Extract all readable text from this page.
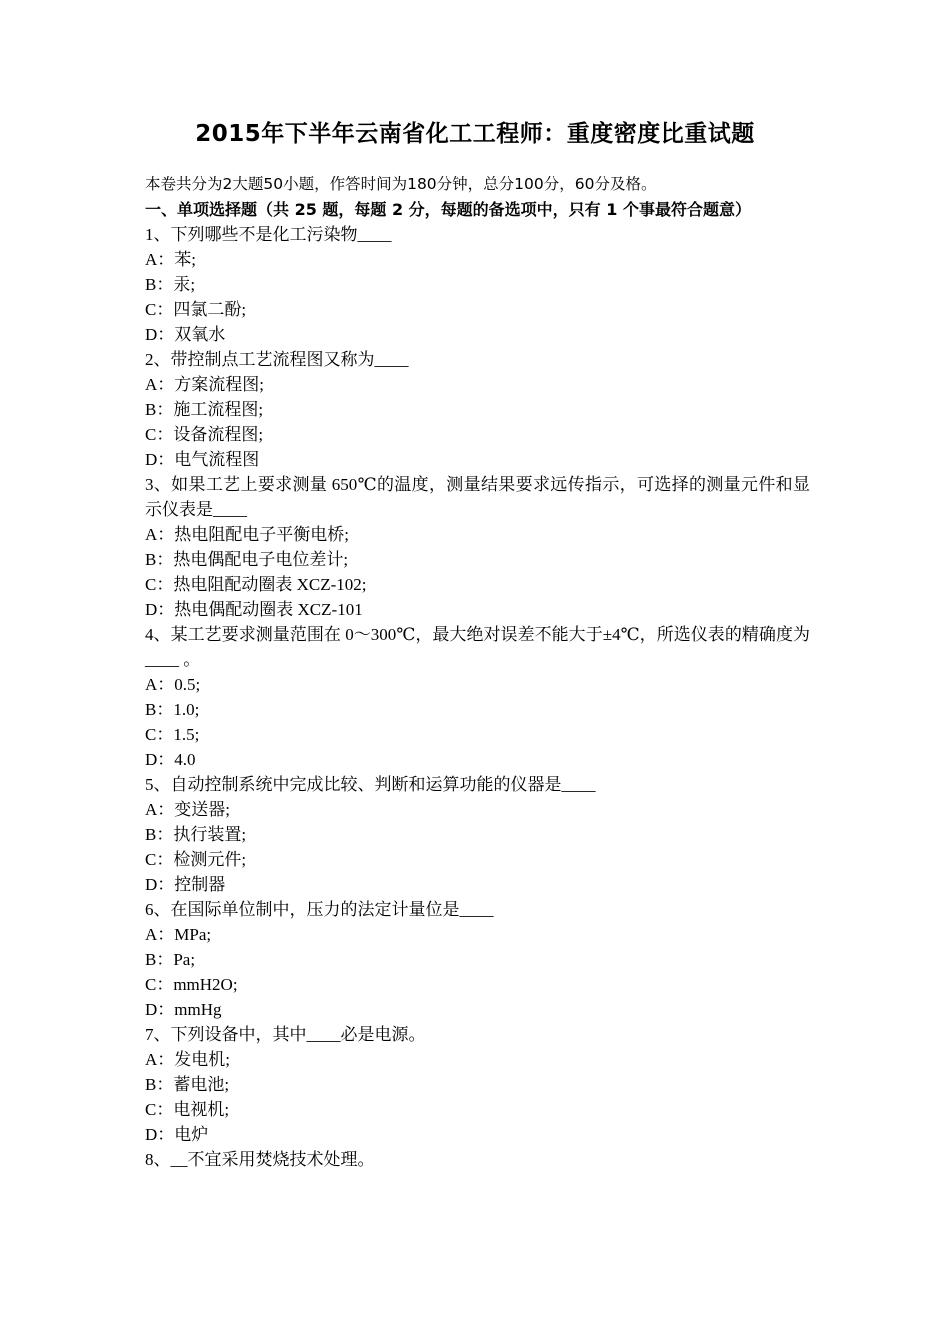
2015年下半年云南省化工工程师：重度密度比重试题
本卷共分为2大题50小题，作答时间为180分钟，总分100分，60分及格。
一、单项选择题（共 25 题，每题 2 分，每题的备选项中，只有 1 个事最符合题意）
1、下列哪些不是化工污染物____
A：苯;
B：汞;
C：四氯二酚;
D：双氧水
2、带控制点工艺流程图又称为____
A：方案流程图;
B：施工流程图;
C：设备流程图;
D：电气流程图
3、如果工艺上要求测量 650℃的温度，测量结果要求远传指示，可选择的测量元件和显示仪表是____
A：热电阻配电子平衡电桥;
B：热电偶配电子电位差计;
C：热电阻配动圈表 XCZ-102;
D：热电偶配动圈表 XCZ-101
4、某工艺要求测量范围在 0～300℃，最大绝对误差不能大于±4℃，所选仪表的精确度为____ 。
A：0.5;
B：1.0;
C：1.5;
D：4.0
5、自动控制系统中完成比较、判断和运算功能的仪器是____
A：变送器;
B：执行装置;
C：检测元件;
D：控制器
6、在国际单位制中，压力的法定计量位是____
A：MPa;
B：Pa;
C：mmH2O;
D：mmHg
7、下列设备中，其中____必是电源。
A：发电机;
B：蓄电池;
C：电视机;
D：电炉
8、__不宜采用焚烧技术处理。
